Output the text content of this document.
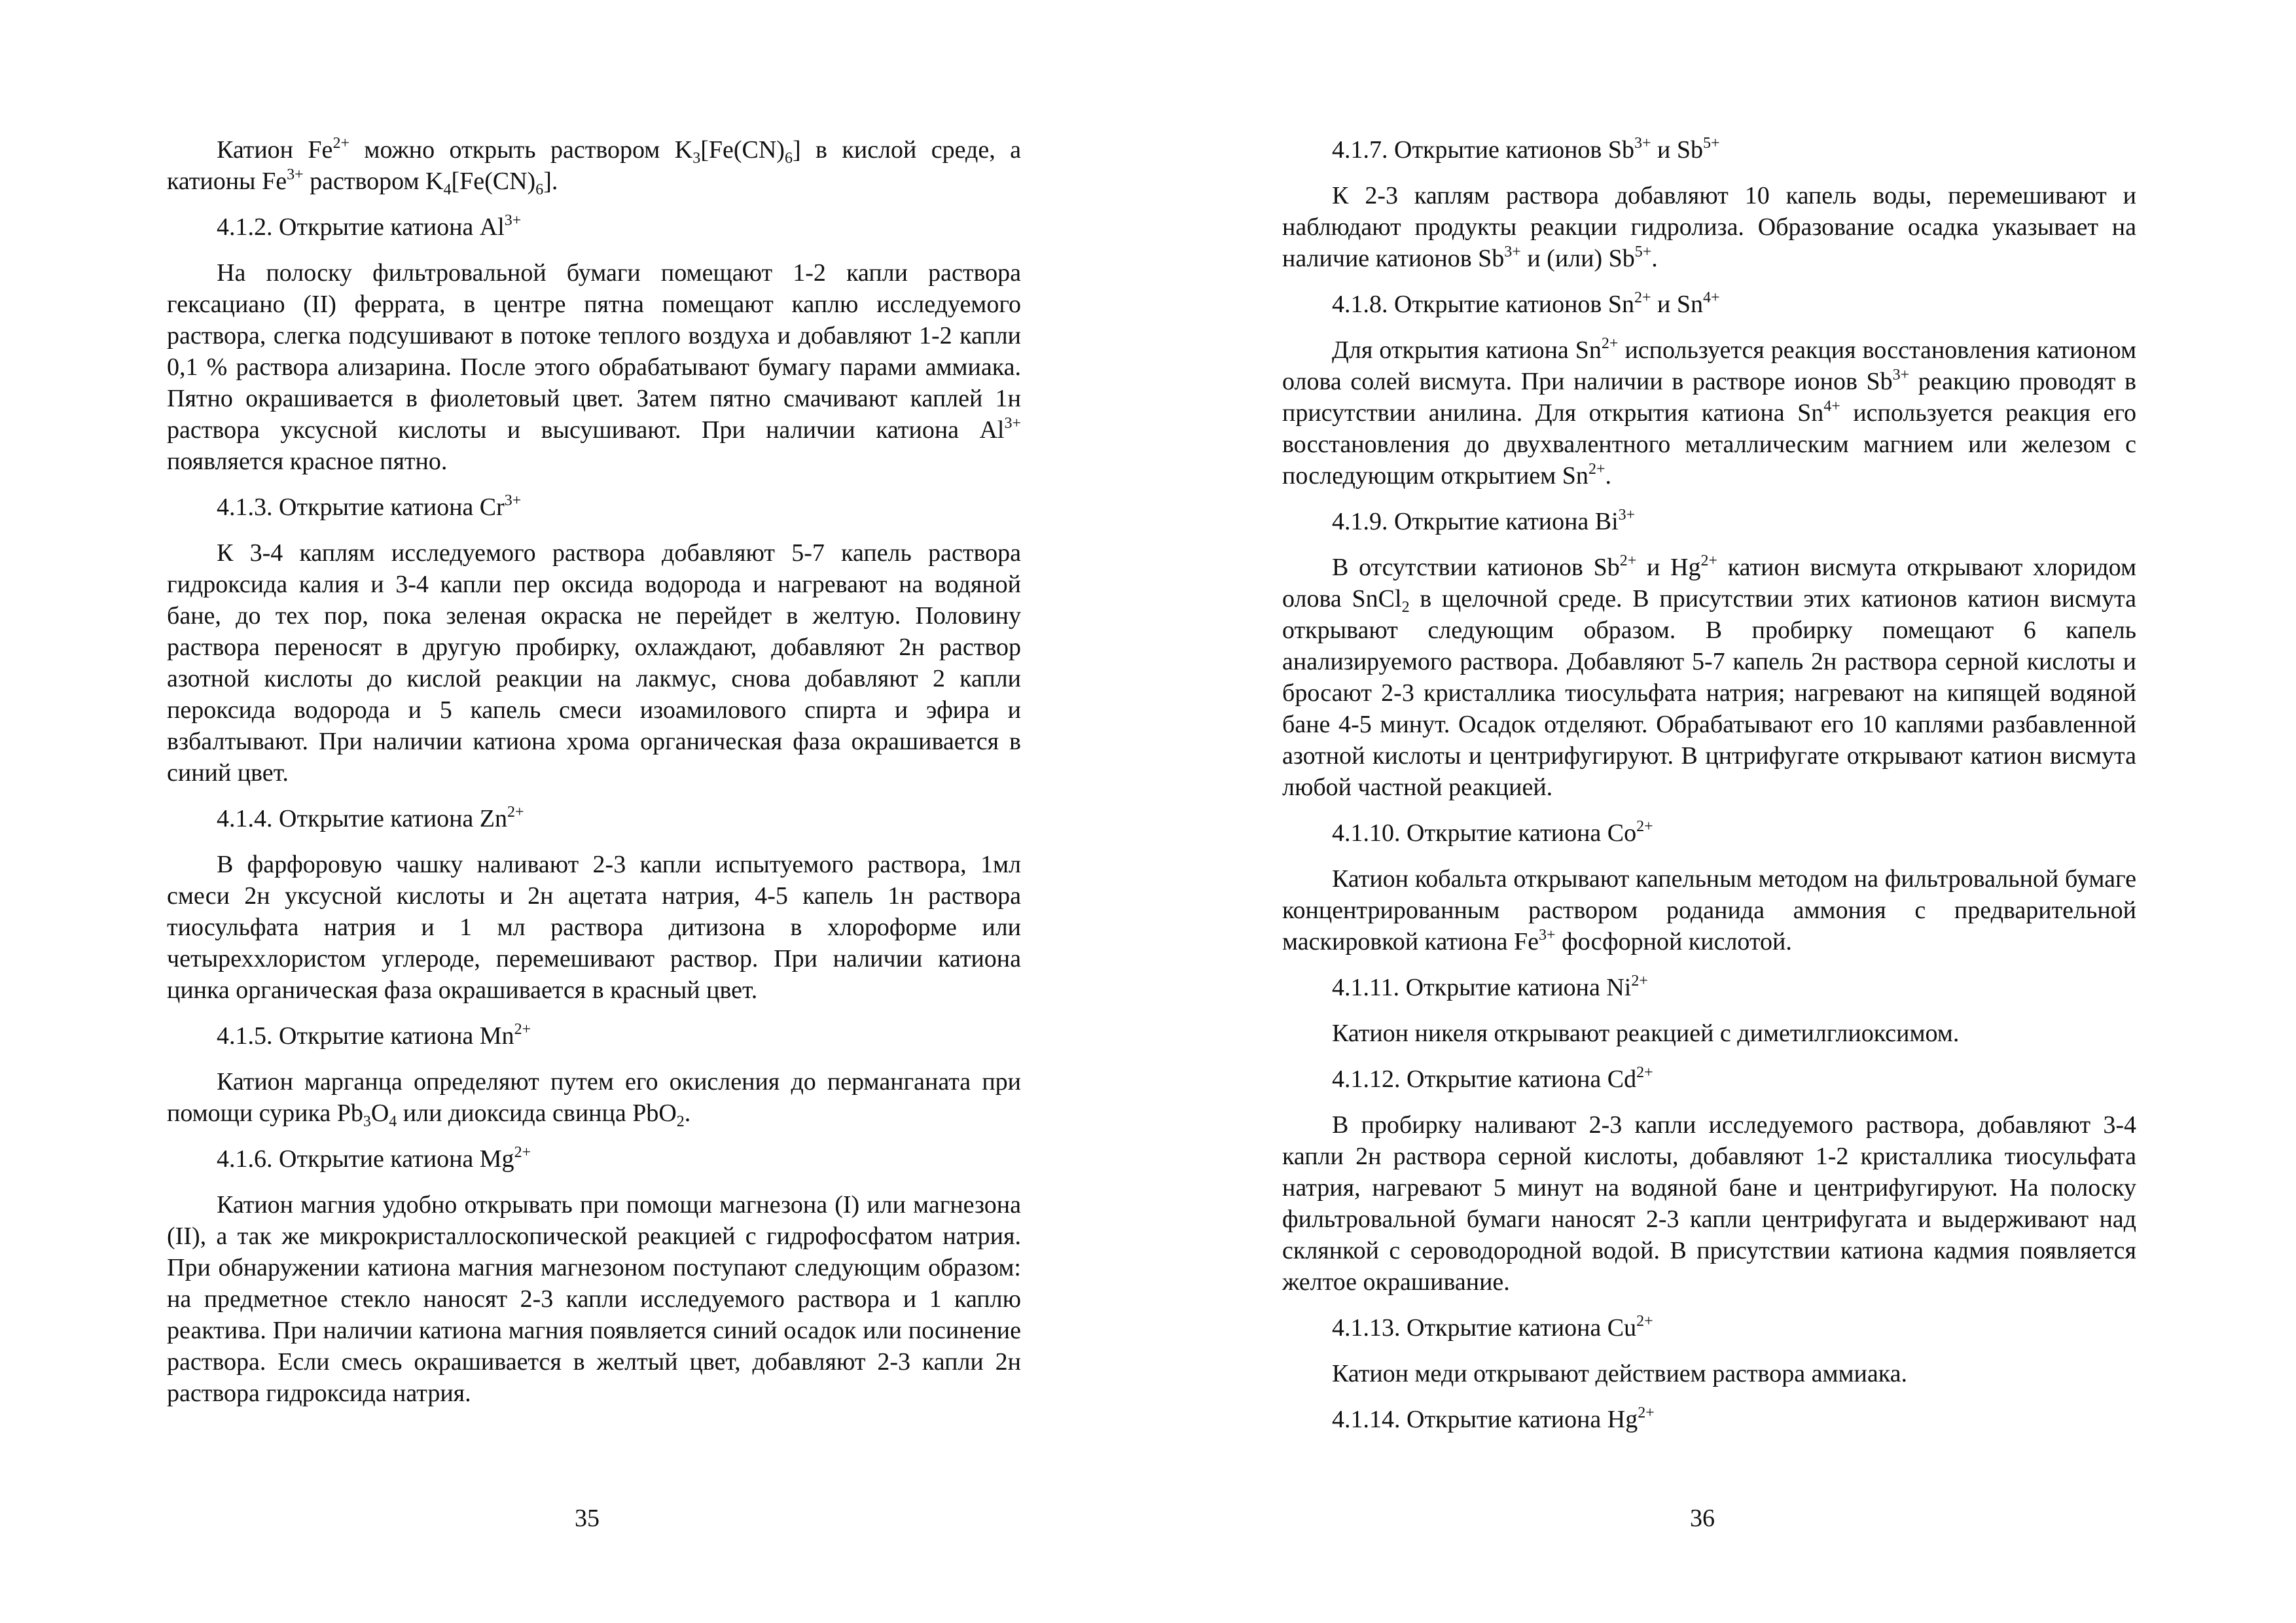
Катион $Fe^{2+}$ можно открыть раствором $K_3[Fe(CN)_6]$ в кислой среде, а катионы $Fe^{3+}$ раствором $K_4[Fe(CN)_6]$.
4.1.2. Открытие катиона $Al^{3+}$
На полоску фильтровальной бумаги помещают 1-2 капли раствора гексациано (II) феррата, в центре пятна помещают каплю исследуемого раствора, слегка подсушивают в потоке теплого воздуха и добавляют 1-2 капли 0,1 % раствора ализарина. После этого обрабатывают бумагу парами аммиака. Пятно окрашивается в фиолетовый цвет. Затем пятно смачивают каплей 1н раствора уксусной кислоты и высушивают. При наличии катиона $Al^{3+}$ появляется красное пятно.
4.1.3. Открытие катиона $Cr^{3+}$
К 3-4 каплям исследуемого раствора добавляют 5-7 капель раствора гидроксида калия и 3-4 капли пер оксида водорода и нагревают на водяной бане, до тех пор, пока зеленая окраска не перейдет в желтую. Половину раствора переносят в другую пробирку, охлаждают, добавляют 2н раствор азотной кислоты до кислой реакции на лакмус, снова добавляют 2 капли пероксида водорода и 5 капель смеси изоамилового спирта и эфира и взбалтывают. При наличии катиона хрома органическая фаза окрашивается в синий цвет.
4.1.4. Открытие катиона $Zn^{2+}$
В фарфоровую чашку наливают 2-3 капли испытуемого раствора, 1мл смеси 2н уксусной кислоты и 2н ацетата натрия, 4-5 капель 1н раствора тиосульфата натрия и 1 мл раствора дитизона в хлороформе или четыреххлористом углероде, перемешивают раствор. При наличии катиона цинка органическая фаза окрашивается в красный цвет.
4.1.5. Открытие катиона $Mn^{2+}$
Катион марганца определяют путем его окисления до перманганата при помощи сурика $Pb_3O_4$ или диоксида свинца PbO$_2$.
4.1.6. Открытие катиона $Mg^{2+}$
Катион магния удобно открывать при помощи магнезона (I) или магнезона (II), а так же микрокристаллоскопической реакцией с гидрофосфатом натрия. При обнаружении катиона магния магнезоном поступают следующим образом: на предметное стекло наносят 2-3 капли исследуемого раствора и 1 каплю реактива. При наличии катиона магния появляется синий осадок или посинение раствора. Если смесь окрашивается в желтый цвет, добавляют 2-3 капли 2н раствора гидроксида натрия.
35
4.1.7. Открытие катионов $Sb^{3+}$ и $Sb^{5+}$
К 2-3 каплям раствора добавляют 10 капель воды, перемешивают и наблюдают продукты реакции гидролиза. Образование осадка указывает на наличие катионов $Sb^{3+}$ и (или) $Sb^{5+}$.
4.1.8. Открытие катионов $Sn^{2+}$ и $Sn^{4+}$
Для открытия катиона $Sn^{2+}$ используется реакция восстановления катионом олова солей висмута. При наличии в растворе ионов $Sb^{3+}$ реакцию проводят в присутствии анилина. Для открытия катиона $Sn^{4+}$ используется реакция его восстановления до двухвалентного металлическим магнием или железом с последующим открытием $Sn^{2+}$.
4.1.9. Открытие катиона $Bi^{3+}$
В отсутствии катионов $Sb^{2+}$ и $Hg^{2+}$ катион висмута открывают хлоридом олова SnCl$_2$ в щелочной среде. В присутствии этих катионов катион висмута открывают следующим образом. В пробирку помещают 6 капель анализируемого раствора. Добавляют 5-7 капель 2н раствора серной кислоты и бросают 2-3 кристаллика тиосульфата натрия; нагревают на кипящей водяной бане 4-5 минут. Осадок отделяют. Обрабатывают его 10 каплями разбавленной азотной кислоты и центрифугируют. В цнтрифугате открывают катион висмута любой частной реакцией.
4.1.10. Открытие катиона $Co^{2+}$
Катион кобальта открывают капельным методом на фильтровальной бумаге концентрированным раствором роданида аммония с предварительной маскировкой катиона $Fe^{3+}$ фосфорной кислотой.
4.1.11. Открытие катиона $Ni^{2+}$
Катион никеля открывают реакцией с диметилглиоксимом.
4.1.12. Открытие катиона $Cd^{2+}$
В пробирку наливают 2-3 капли исследуемого раствора, добавляют 3-4 капли 2н раствора серной кислоты, добавляют 1-2 кристаллика тиосульфата натрия, нагревают 5 минут на водяной бане и центрифугируют. На полоску фильтровальной бумаги наносят 2-3 капли центрифугата и выдерживают над склянкой с сероводородной водой. В присутствии катиона кадмия появляется желтое окрашивание.
4.1.13. Открытие катиона $Cu^{2+}$
Катион меди открывают действием раствора аммиака.
4.1.14. Открытие катиона $Hg^{2+}$
36
